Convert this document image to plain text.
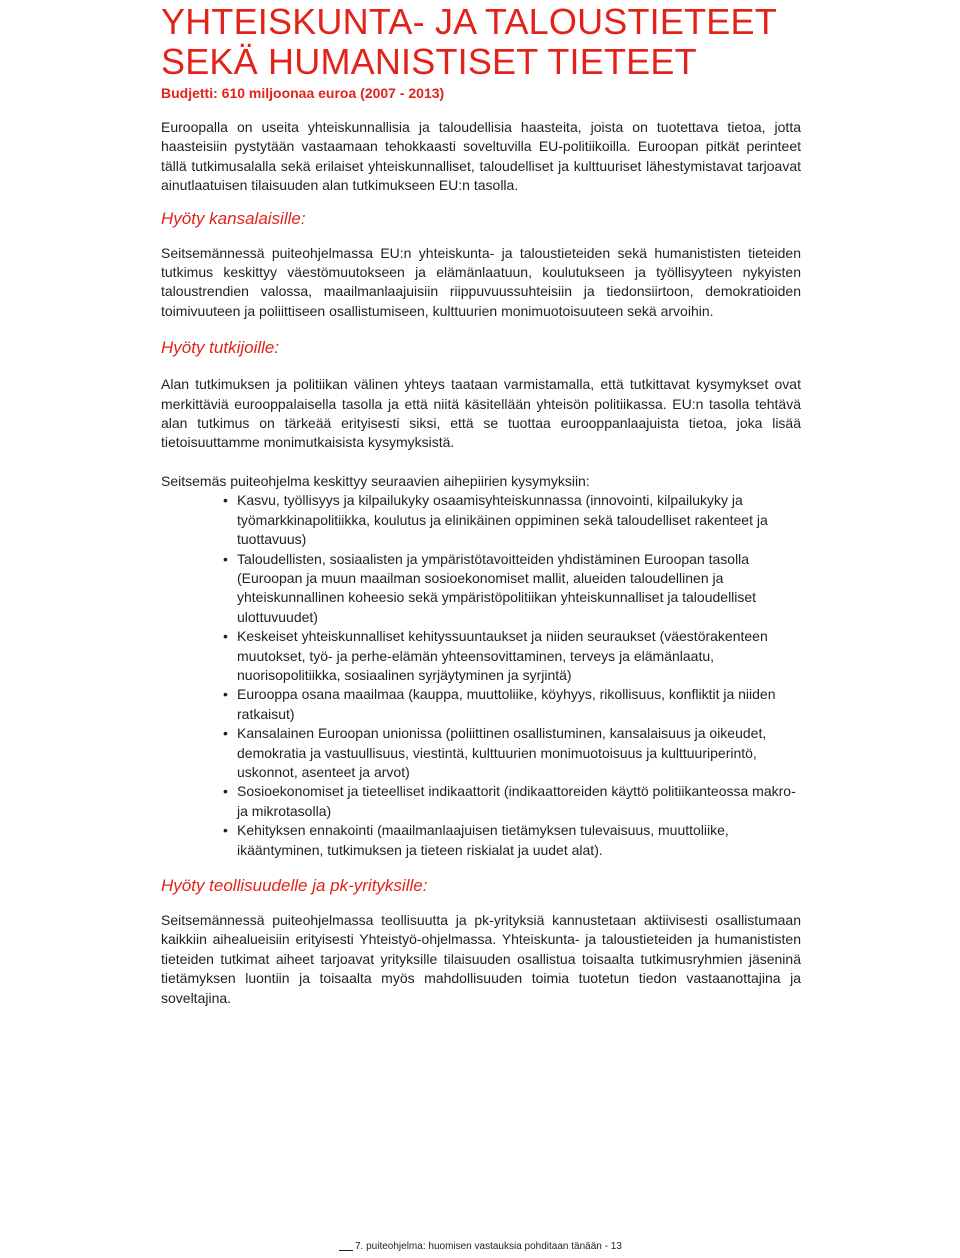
YHTEISKUNTA- JA TALOUSTIETEET
SEKÄ HUMANISTISET TIETEET
Budjetti: 610 miljoonaa euroa (2007 - 2013)

Euroopalla on useita yhteiskunnallisia ja taloudellisia haasteita, joista on tuotettava tietoa, jotta haasteisiin pystytään vastaamaan tehokkaasti soveltuvilla EU-politiikoilla. Euroopan pitkät perinteet tällä tutkimusalalla sekä erilaiset yhteiskunnalliset, taloudelliset ja kulttuuriset lähestymistavat tarjoavat ainutlaatuisen tilaisuuden alan tutkimukseen EU:n tasolla.

Hyöty kansalaisille:

Seitsemännessä puiteohjelmassa EU:n yhteiskunta- ja taloustieteiden sekä humanististen tieteiden tutkimus keskittyy väestömuutokseen ja elämänlaatuun, koulutukseen ja työllisyyteen nykyisten taloustrendien valossa, maailmanlaajuisiin riippuvuussuhteisiin ja tiedonsiirtoon, demokratioiden toimivuuteen ja poliittiseen osallistumiseen, kulttuurien monimuotoisuuteen sekä arvoihin.

Hyöty tutkijoille:

Alan tutkimuksen ja politiikan välinen yhteys taataan varmistamalla, että tutkittavat kysymykset ovat merkittäviä eurooppalaisella tasolla ja että niitä käsitellään yhteisön politiikassa. EU:n tasolla tehtävä alan tutkimus on tärkeää erityisesti siksi, että se tuottaa eurooppanlaajuista tietoa, joka lisää tietoisuuttamme monimutkaisista kysymyksistä.

Seitsemäs puiteohjelma keskittyy seuraavien aihepiirien kysymyksiin:

• Kasvu, työllisyys ja kilpailukyky osaamisyhteiskunnassa (innovointi, kilpailukyky ja työmarkkinapolitiikka, koulutus ja elinikäinen oppiminen sekä taloudelliset rakenteet ja tuottavuus)
• Taloudellisten, sosiaalisten ja ympäristötavoitteiden yhdistäminen Euroopan tasolla (Euroopan ja muun maailman sosioekonomiset mallit, alueiden taloudellinen ja yhteiskunnallinen koheesio sekä ympäristöpolitiikan yhteiskunnalliset ja taloudelliset ulottuvuudet)
• Keskeiset yhteiskunnalliset kehityssuuntaukset ja niiden seuraukset (väestörakenteen muutokset, työ- ja perhe-elämän yhteensovittaminen, terveys ja elämänlaatu, nuorisopolitiikka, sosiaalinen syrjäytyminen ja syrjintä)
• Eurooppa osana maailmaa (kauppa, muuttoliike, köyhyys, rikollisuus, konfliktit ja niiden ratkaisut)
• Kansalainen Euroopan unionissa (poliittinen osallistuminen, kansalaisuus ja oikeudet, demokratia ja vastuullisuus, viestintä, kulttuurien monimuotoisuus ja kulttuuriperintö, uskonnot, asenteet ja arvot)
• Sosioekonomiset ja tieteelliset indikaattorit (indikaattoreiden käyttö politiikanteossa makro- ja mikrotasolla)
• Kehityksen ennakointi (maailmanlaajuisen tietämyksen tulevaisuus, muuttoliike, ikääntyminen, tutkimuksen ja tieteen riskialat ja uudet alat).
Hyöty teollisuudelle ja pk-yrityksille:

Seitsemännessä puiteohjelmassa teollisuutta ja pk-yrityksiä kannustetaan aktiivisesti osallistumaan kaikkiin aihealueisiin erityisesti Yhteistyö-ohjelmassa. Yhteiskunta- ja taloustieteiden ja humanististen tieteiden tutkimat aiheet tarjoavat yrityksille tilaisuuden osallistua toisaalta tutkimusryhmien jäseninä tietämyksen luontiin ja toisaalta myös mahdollisuuden toimia tuotetun tiedon vastaanottajina ja soveltajina.

7. puiteohjelma: huomisen vastauksia pohditaan tänään - 13
